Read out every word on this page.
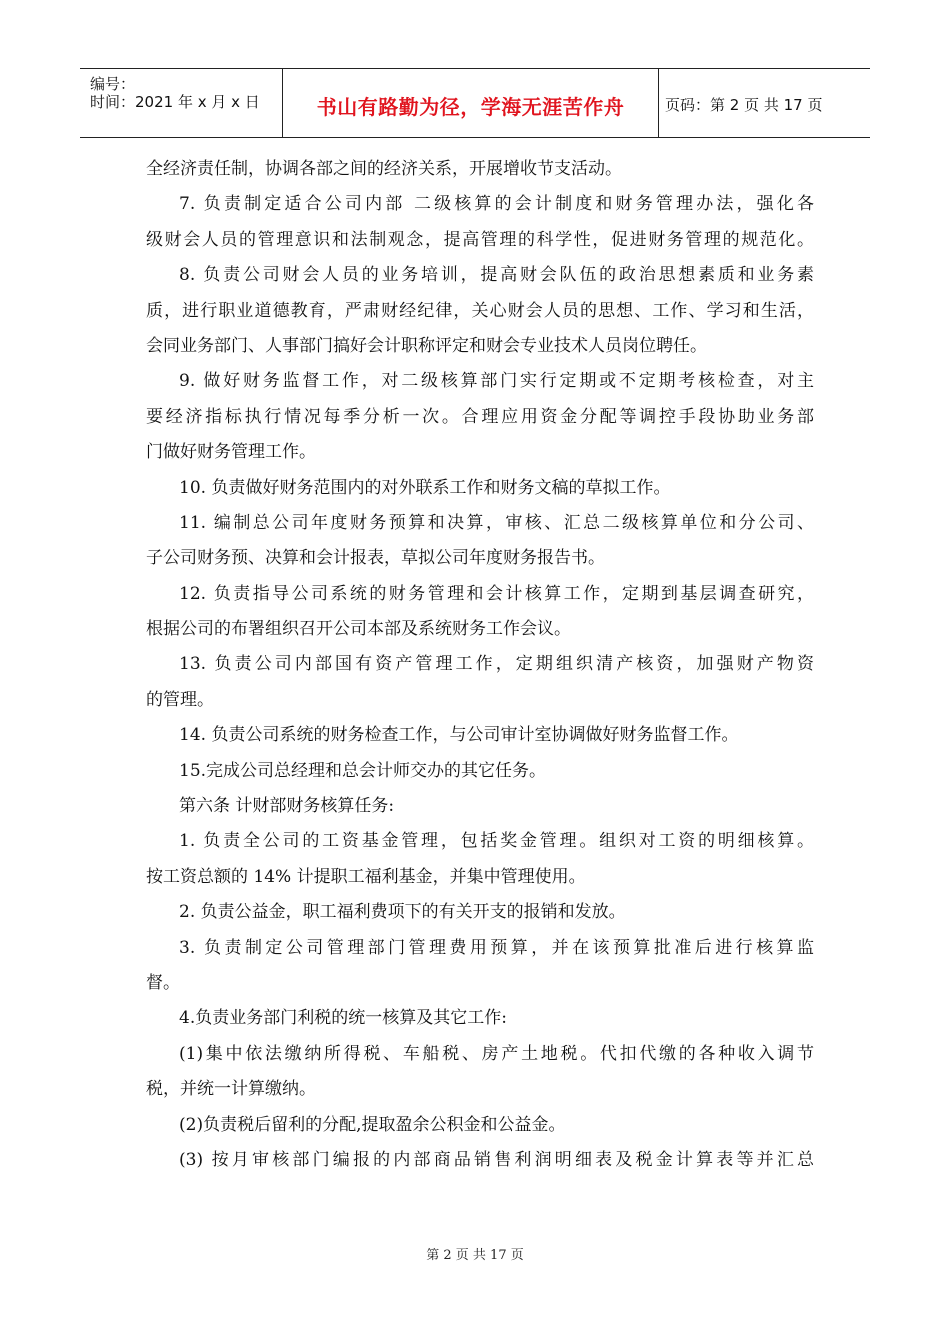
编号：
时间：2021 年 x 月 x 日	书山有路勤为径，学海无涯苦作舟	页码：第 2 页 共 17 页
全经济责任制，协调各部之间的经济关系，开展增收节支活动。
7. 负责制定适合公司内部 二级核算的会计制度和财务管理办法，强化各
级财会人员的管理意识和法制观念，提高管理的科学性，促进财务管理的规范化。
8. 负责公司财会人员的业务培训，提高财会队伍的政治思想素质和业务素
质，进行职业道德教育，严肃财经纪律，关心财会人员的思想、工作、学习和生活，
会同业务部门、人事部门搞好会计职称评定和财会专业技术人员岗位聘任。
9. 做好财务监督工作，对二级核算部门实行定期或不定期考核检查，对主
要经济指标执行情况每季分析一次。合理应用资金分配等调控手段协助业务部
门做好财务管理工作。
10. 负责做好财务范围内的对外联系工作和财务文稿的草拟工作。
11. 编制总公司年度财务预算和决算，审核、汇总二级核算单位和分公司、
子公司财务预、决算和会计报表，草拟公司年度财务报告书。
12. 负责指导公司系统的财务管理和会计核算工作，定期到基层调查研究，
根据公司的布署组织召开公司本部及系统财务工作会议。
13. 负责公司内部国有资产管理工作，定期组织清产核资，加强财产物资
的管理。
14. 负责公司系统的财务检查工作，与公司审计室协调做好财务监督工作。
15.完成公司总经理和总会计师交办的其它任务。
第六条 计财部财务核算任务:
1. 负责全公司的工资基金管理，包括奖金管理。组织对工资的明细核算。
按工资总额的 14% 计提职工福利基金，并集中管理使用。
2. 负责公益金，职工福利费项下的有关开支的报销和发放。
3. 负责制定公司管理部门管理费用预算，并在该预算批准后进行核算监
督。
4.负责业务部门利税的统一核算及其它工作:
(1)集中依法缴纳所得税、车船税、房产土地税。代扣代缴的各种收入调节
税，并统一计算缴纳。
(2)负责税后留利的分配,提取盈余公积金和公益金。
(3) 按月审核部门编报的内部商品销售利润明细表及税金计算表等并汇总
第 2 页 共 17 页
